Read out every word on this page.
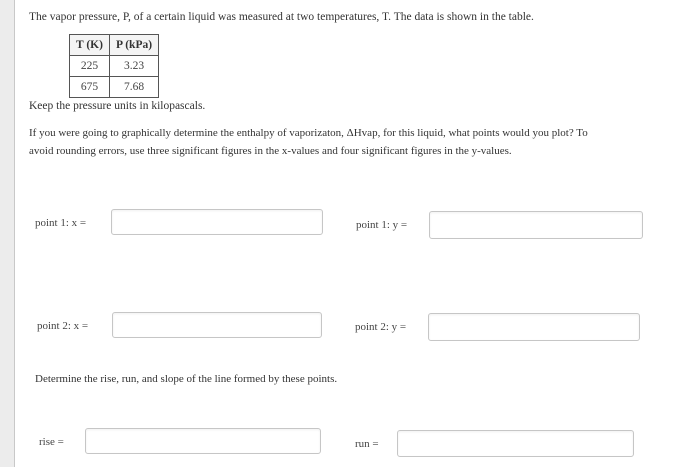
The vapor pressure, P, of a certain liquid was measured at two temperatures, T. The data is shown in the table.
T (K)	P (kPa)
225	3.23
675	7.68
Keep the pressure units in kilopascals.
If you were going to graphically determine the enthalpy of vaporizaton, ΔHvap, for this liquid, what points would you plot? To
avoid rounding errors, use three significant figures in the x-values and four significant figures in the y-values.
point 1: x =	point 1: y =
point 2: x =	point 2: y =
Determine the rise, run, and slope of the line formed by these points.
rise =	run =
